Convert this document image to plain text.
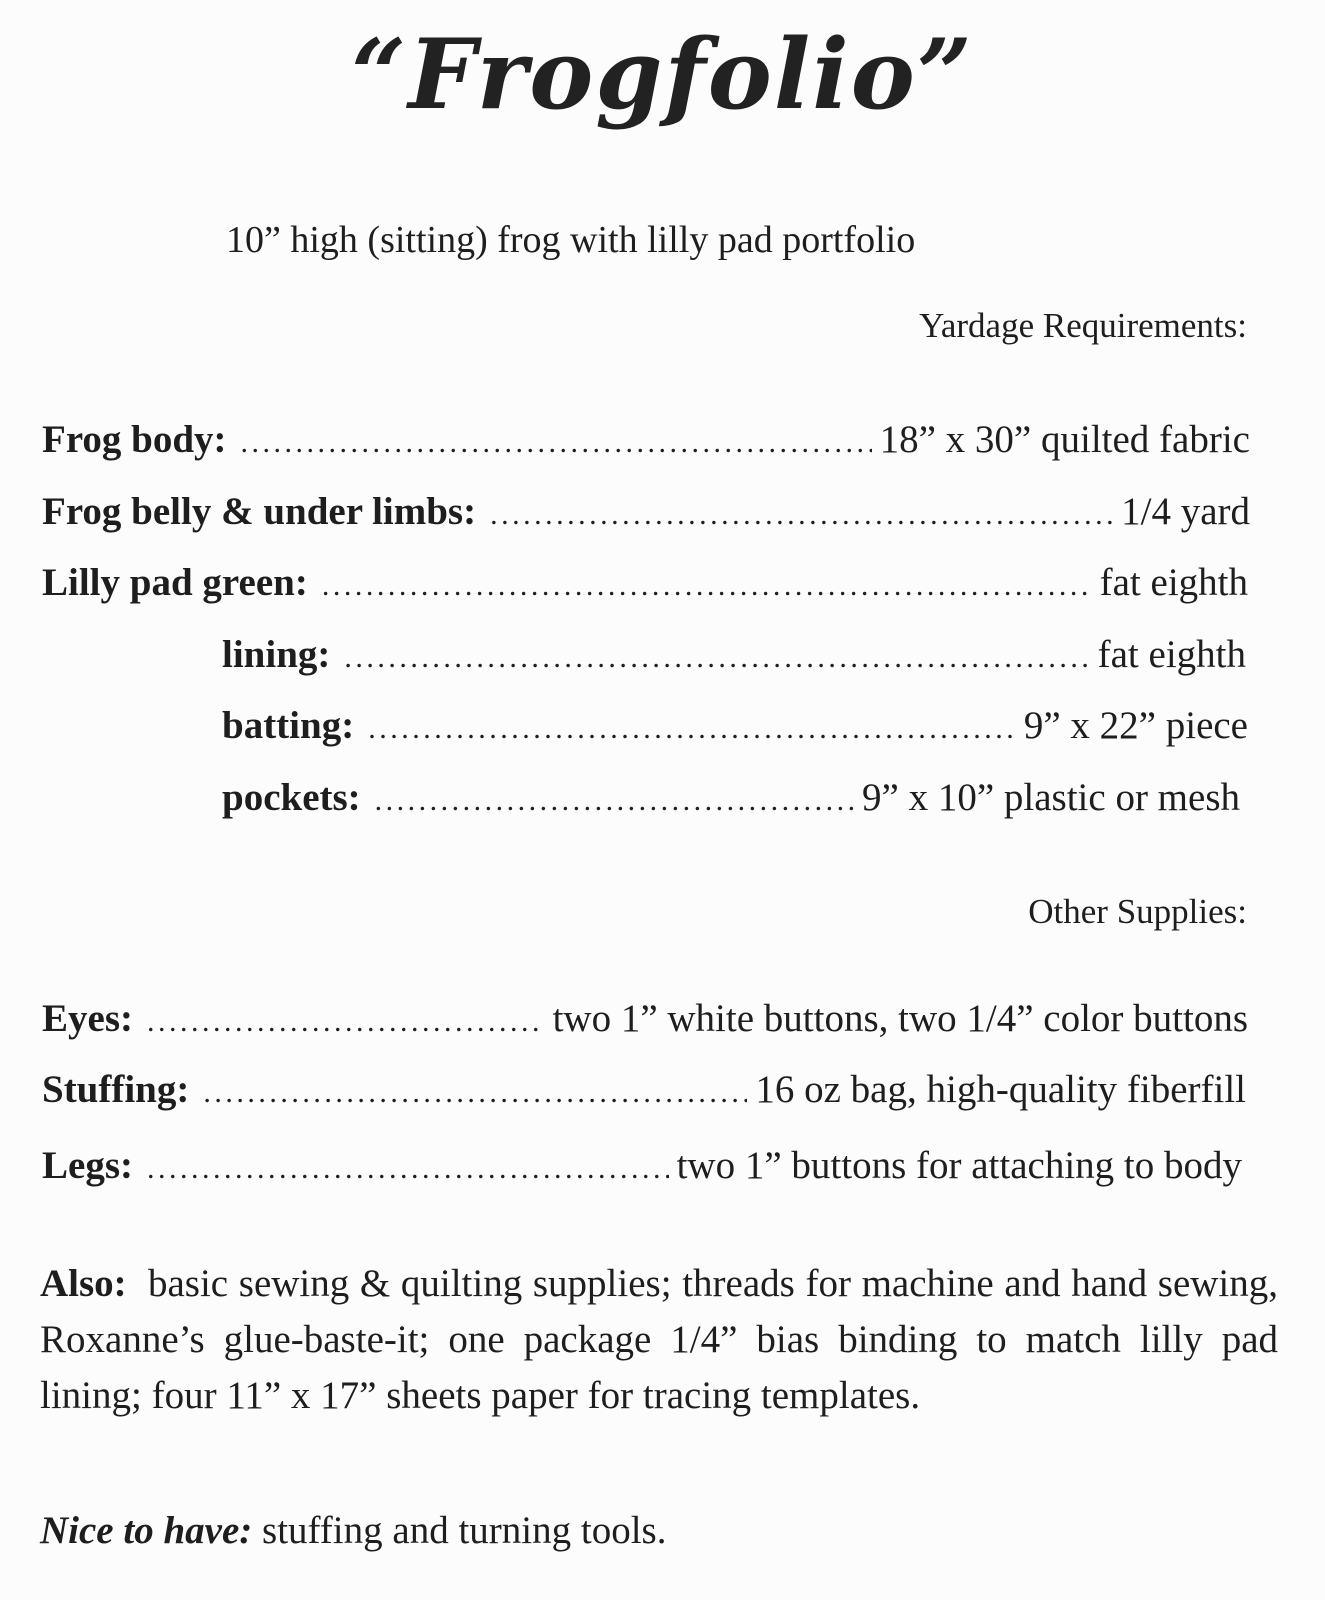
“Frogfolio”
10” high (sitting) frog with lilly pad portfolio
Yardage Requirements:
Frog body: . . .	18” x 30” quilted fabric
Frog belly & under limbs: . . .	1/4 yard
Lilly pad green: . . .	fat eighth
lining: . . .	fat eighth
batting: . . .	9” x 22” piece
pockets: . . .	9” x 10” plastic or mesh
Other Supplies:
Eyes: . . .	two 1” white buttons, two 1/4” color buttons
Stuffing: . . .	16 oz bag, high-quality fiberfill
Legs: . . .	two 1” buttons for attaching to body
Also: basic sewing & quilting supplies; threads for machine and hand sewing, Roxanne’s glue-baste-it; one package 1/4” bias binding to match lilly pad lining; four 11” x 17” sheets paper for tracing templates.
Nice to have: stuffing and turning tools.
